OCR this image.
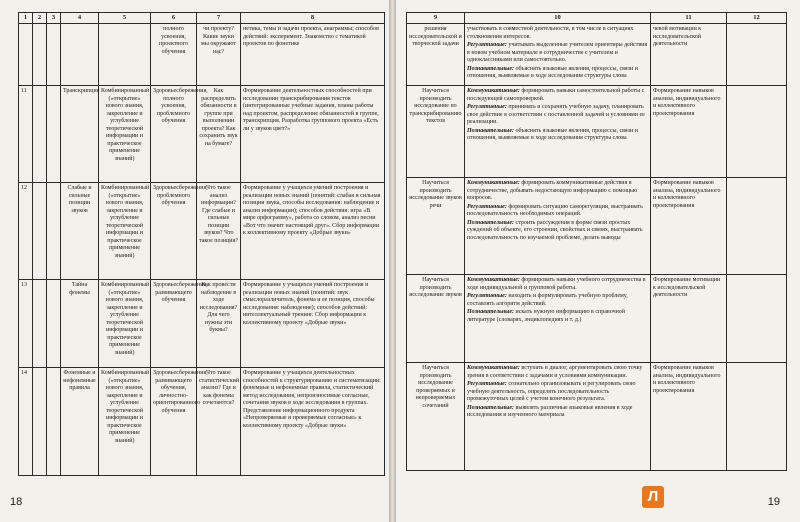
1	2	3	4	5	6	7	8
					полного усвоения, проектного обучения	чи проекту? Какие звуки мы окружают нас?	нетика, темы и задачи проекта, анаграммы; способов действий: эксперимент. Знакомство с тематикой проектов по фонетике
11			Транскрипция	Комбинированный («открытие» нового знания, закрепление и углубление теоретической информации и практическое применение знаний)	Здоровьесбережения, полного усвоения, проблемного обучения	Как распределить обязанности в группе при выполнении проекта? Как сохранить звук на бумаге?	Формирование деятельностных способностей при исследовании транскрибирования текстов (интегрированные учебные задания, планы работы над проектом, распределение обязанностей в группе, транскрипция. Разработка группового проекта «Есть ли у звуков цвет?»
12			Слабые и сильные позиции звуков	Комбинированный («открытие» нового знания, закрепление и углубление теоретической информации и практическое применение знаний)	Здоровьесбережения, проблемного обучения	Что такое анализ информации? Где слабые и сильные позиции звуков? Что такое позиция?	Формирование у учащихся умений построения и реализации новых знаний (понятий: слабая и сильная позиции звука, способы исследования: наблюдение и анализ информации); способов действия: игра «В мире орфограмму», работа со словом, анализ песни «Вот что значит настоящий друг». Сбор информации к коллективному проекту «Добрые звуки»
13			Тайна фонемы	Комбинированный («открытие» нового знания, закрепление и углубление теоретической информации и практическое применение знаний)	Здоровьесбережения, развивающего обучения	Как провести наблюдение в ходе исследования? Для чего нужны эти буквы?	Формирование у учащихся умений построения и реализации новых знаний (понятий: звук смыслоразличитель, фонема и ее позиция, способы исследования: наблюдение); способов действий: интеллектуальный тренинг. Сбор информации к коллективному проекту «Добрые звуки»
14			Фонемные и нефонемные правила	Комбинированный («открытие» нового знания, закрепление и углубление теоретической информации и практическое применение знаний)	Здоровьесбережения, развивающего обучения, личностно-ориентированного обучения	Что такое статистический анализ? Где и как фонемы сочетаются?	Формирование у учащихся деятельностных способностей к структурированию и систематизации: фонемные и нефонемные правила, статистический метод исследования, непроизносимые согласные, сочетания звуков в ходе исследования в группах. Представление информационного продукта «Непроверяемые и проверяемые согласные» к коллективному проекту «Добрые звуки»
18
9	10	11	12
решения исследовательской и творческой задачи	участвовать в совместной деятельности, в том числе в ситуациях столкновения интересов.
Регулятивные: учитывать выделенные учителем ориентиры действия в новом учебном материале в сотрудничестве с учителем и одноклассниками или самостоятельно.
Познавательные: объяснять языковые явления, процессы, связи и отношения, выявляемые в ходе исследования структуры слова	чевой мотивации к исследовательской деятельности	
Научиться производить исследование по транскрибированию текстов	Коммуникативные: формировать навыки самостоятельной работы с последующей самопроверкой.
Регулятивные: принимать и сохранять учебную задачу, планировать свое действие в соответствии с поставленной задачей и условиями ее реализации.
Познавательные: объяснять языковые явления, процессы, связи и отношения, выявляемые в ходе исследования структуры слова	Формирование навыков анализа, индивидуального и коллективного проектирования	
Научиться производить исследование звуков речи	Коммуникативные: формировать коммуникативные действия в сотрудничестве, добывать недостающую информацию с помощью вопросов.
Регулятивные: формировать ситуацию саморегуляции, выстраивать последовательность необходимых операций.
Познавательные: строить рассуждения в форме связи простых суждений об объекте, его строении, свойствах и связях, выстраивать последовательность по изучаемой проблеме, делать выводы	Формирование навыков анализа, индивидуального и коллективного проектирования	
Научиться производить исследование звуков	Коммуникативные: формировать навыки учебного сотрудничества в ходе индивидуальной и групповой работы.
Регулятивные: находить и формулировать учебную проблему, составлять алгоритм действий.
Познавательные: искать нужную информацию в справочной литературе (словарях, энциклопедиях и т. д.)	Формирование мотивации к исследовательской деятельности	
Научиться производить исследование проверяемых и непроверяемых сочетаний	Коммуникативные: вступать в диалог, аргументировать свою точку зрения в соответствии с задачами и условиями коммуникации.
Регулятивные: сознательно организовывать и регулировать свою учебную деятельность, определять последовательность промежуточных целей с учетом конечного результата.
Познавательные: выявлять различные языковые явления в ходе исследования и изученного материала	Формирование навыков анализа, индивидуального и коллективного проектирования	
Л	19
